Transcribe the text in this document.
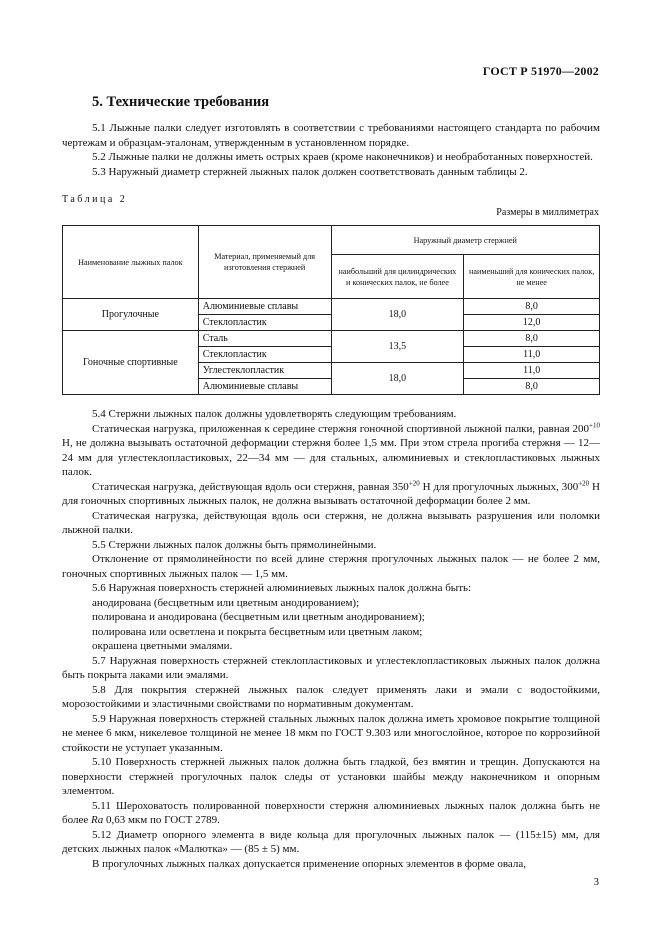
ГОСТ Р 51970—2002
5. Технические требования

5.1 Лыжные палки следует изготовлять в соответствии с требованиями настоящего стандарта по рабочим чертежам и образцам-эталонам, утвержденным в установленном порядке.

5.2 Лыжные палки не должны иметь острых краев (кроме наконечников) и необработанных поверхностей.

5.3 Наружный диаметр стержней лыжных палок должен соответствовать данным таблицы 2.

Таблица 2
Размеры в миллиметрах
Наименование лыжных палок	Материал, применяемый для изготовления стержней	Наружный диаметр стержней	
		наибольший для цилиндрических и конических палок, не более	наименьший для конических палок, не менее
Прогулочные	Алюминиевые сплавы	18,0	8,0
	Стеклопластик		12,0
Гоночные спортивные	Сталь	13,5	8,0
	Стеклопластик		11,0
	Углестеклопластик	18,0	11,0
	Алюминиевые сплавы		8,0

5.4 Стержни лыжных палок должны удовлетворять следующим требованиям.

Статическая нагрузка, приложенная к середине стержня гоночной спортивной лыжной палки, равная $200^{+10}$ Н, не должна вызывать остаточной деформации стержня более 1,5 мм. При этом стрела прогиба стержня — 12—24 мм для углестеклопластиковых, 22—34 мм — для стальных, алюминиевых и стеклопластиковых лыжных палок.

Статическая нагрузка, действующая вдоль оси стержня, равная $350^{+20}$ Н для прогулочных лыжных, $300^{+20}$ Н для гоночных спортивных лыжных палок, не должна вызывать остаточной деформации более 2 мм.

Статическая нагрузка, действующая вдоль оси стержня, не должна вызывать разрушения или поломки лыжной палки.

5.5 Стержни лыжных палок должны быть прямолинейными.

Отклонение от прямолинейности по всей длине стержня прогулочных лыжных палок — не более 2 мм, гоночных спортивных лыжных палок — 1,5 мм.

5.6 Наружная поверхность стержней алюминиевых лыжных палок должна быть:

анодирована (бесцветным или цветным анодированием);

полирована и анодирована (бесцветным или цветным анодированием);

полирована или осветлена и покрыта бесцветным или цветным лаком;

окрашена цветными эмалями.

5.7 Наружная поверхность стержней стеклопластиковых и углестеклопластиковых лыжных палок должна быть покрыта лаками или эмалями.

5.8 Для покрытия стержней лыжных палок следует применять лаки и эмали с водостойкими, морозостойкими и эластичными свойствами по нормативным документам.

5.9 Наружная поверхность стержней стальных лыжных палок должна иметь хромовое покрытие толщиной не менее 6 мкм, никелевое толщиной не менее 18 мкм по ГОСТ 9.303 или многослойное, которое по коррозийной стойкости не уступает указанным.

5.10 Поверхность стержней лыжных палок должна быть гладкой, без вмятин и трещин. Допускаются на поверхности стержней прогулочных палок следы от установки шайбы между наконечником и опорным элементом.

5.11 Шероховатость полированной поверхности стержня алюминиевых лыжных палок должна быть не более Ra 0,63 мкм по ГОСТ 2789.

5.12 Диаметр опорного элемента в виде кольца для прогулочных лыжных палок — (115±15) мм, для детских лыжных палок «Малютка» — (85 ± 5) мм.

В прогулочных лыжных палках допускается применение опорных элементов в форме овала,

3
